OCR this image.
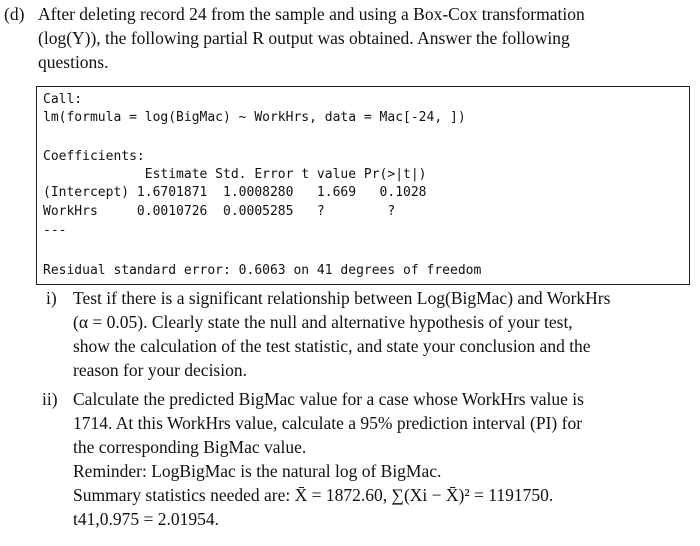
(d) After deleting record 24 from the sample and using a Box-Cox transformation
(log(Y)), the following partial R output was obtained. Answer the following
questions.
Call:
lm(formula = log(BigMac) ~ WorkHrs, data = Mac[-24, ])
Coefficients:
Estimate Std. Error t value Pr(>|t|)
(Intercept) 1.6701871  1.0008280   1.669   0.1028
WorkHrs     0.0010726  0.0005285   ?        ?
---
Residual standard error: 0.6063 on 41 degrees of freedom
i) Test if there is a significant relationship between Log(BigMac) and WorkHrs
(α = 0.05). Clearly state the null and alternative hypothesis of your test,
show the calculation of the test statistic, and state your conclusion and the
reason for your decision.
ii) Calculate the predicted BigMac value for a case whose WorkHrs value is
1714. At this WorkHrs value, calculate a 95% prediction interval (PI) for
the corresponding BigMac value.
Reminder: LogBigMac is the natural log of BigMac.
Summary statistics needed are: X̄ = 1872.60, ∑(Xi − X̄)² = 1191750.
t41,0.975 = 2.01954.
